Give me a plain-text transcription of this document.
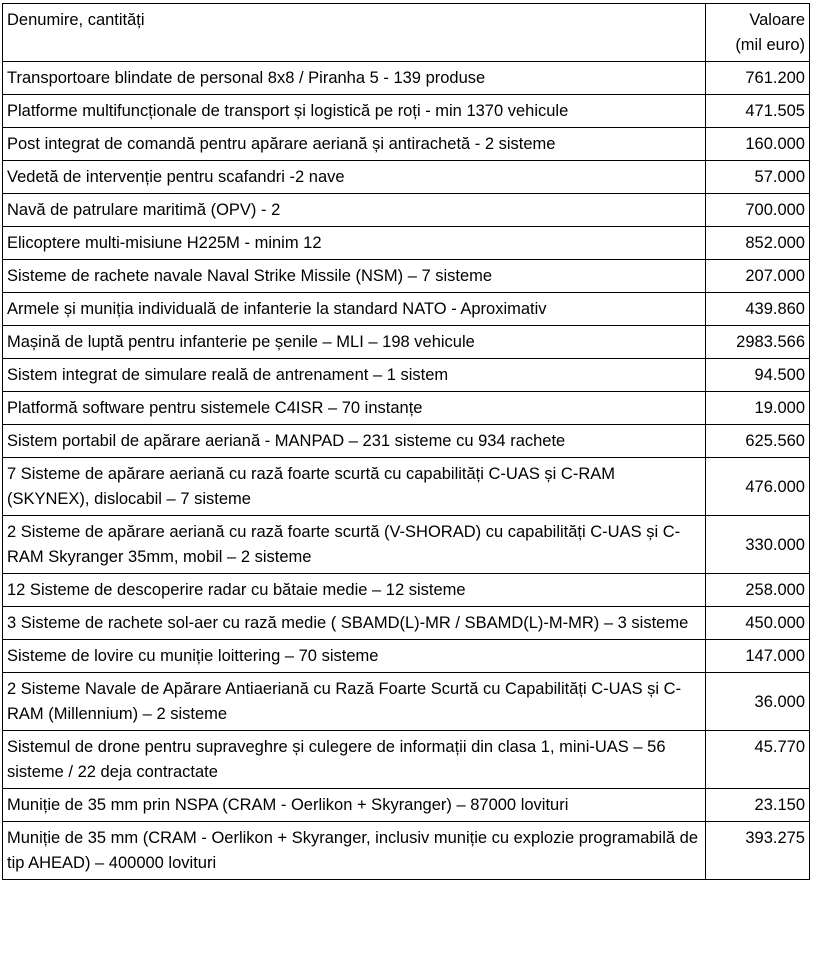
Denumire, cantități	Valoare
(mil euro)

Transportoare blindate de personal 8x8 / Piranha 5 - 139 produse	761.200
Platforme multifuncționale de transport și logistică pe roți - min 1370 vehicule	471.505
Post integrat de comandă pentru apărare aeriană și antirachetă - 2 sisteme	160.000
Vedetă de intervenție pentru scafandri -2 nave	57.000
Navă de patrulare maritimă (OPV) - 2	700.000
Elicoptere multi-misiune H225M - minim 12	852.000
Sisteme de rachete navale Naval Strike Missile (NSM) – 7 sisteme	207.000
Armele și muniția individuală de infanterie la standard NATO - Aproximativ	439.860
Mașină de luptă pentru infanterie pe șenile – MLI – 198 vehicule	2983.566
Sistem integrat de simulare reală de antrenament – 1 sistem	94.500
Platformă software pentru sistemele C4ISR – 70 instanțe	19.000
Sistem portabil de apărare aeriană - MANPAD – 231 sisteme cu 934 rachete	625.560
7 Sisteme de apărare aeriană cu rază foarte scurtă cu capabilități C-UAS și C-RAM (SKYNEX), dislocabil – 7 sisteme	476.000
2 Sisteme de apărare aeriană cu rază foarte scurtă (V-SHORAD) cu capabilități C-UAS și C-RAM Skyranger 35mm, mobil – 2 sisteme	330.000
12 Sisteme de descoperire radar cu bătaie medie – 12 sisteme	258.000
3 Sisteme de rachete sol-aer cu rază medie ( SBAMD(L)-MR / SBAMD(L)-M-MR) – 3 sisteme	450.000
Sisteme de lovire cu muniție loittering – 70 sisteme	147.000
2 Sisteme Navale de Apărare Antiaeriană cu Rază Foarte Scurtă cu Capabilități C-UAS și C-RAM (Millennium) – 2 sisteme	36.000
Sistemul de drone pentru supraveghre și culegere de informații din clasa 1, mini-UAS – 56 sisteme / 22 deja contractate	45.770
Muniție de 35 mm prin NSPA (CRAM - Oerlikon + Skyranger) – 87000 lovituri	23.150
Muniție de 35 mm (CRAM - Oerlikon + Skyranger, inclusiv muniție cu explozie programabilă de tip AHEAD) – 400000 lovituri	393.275
